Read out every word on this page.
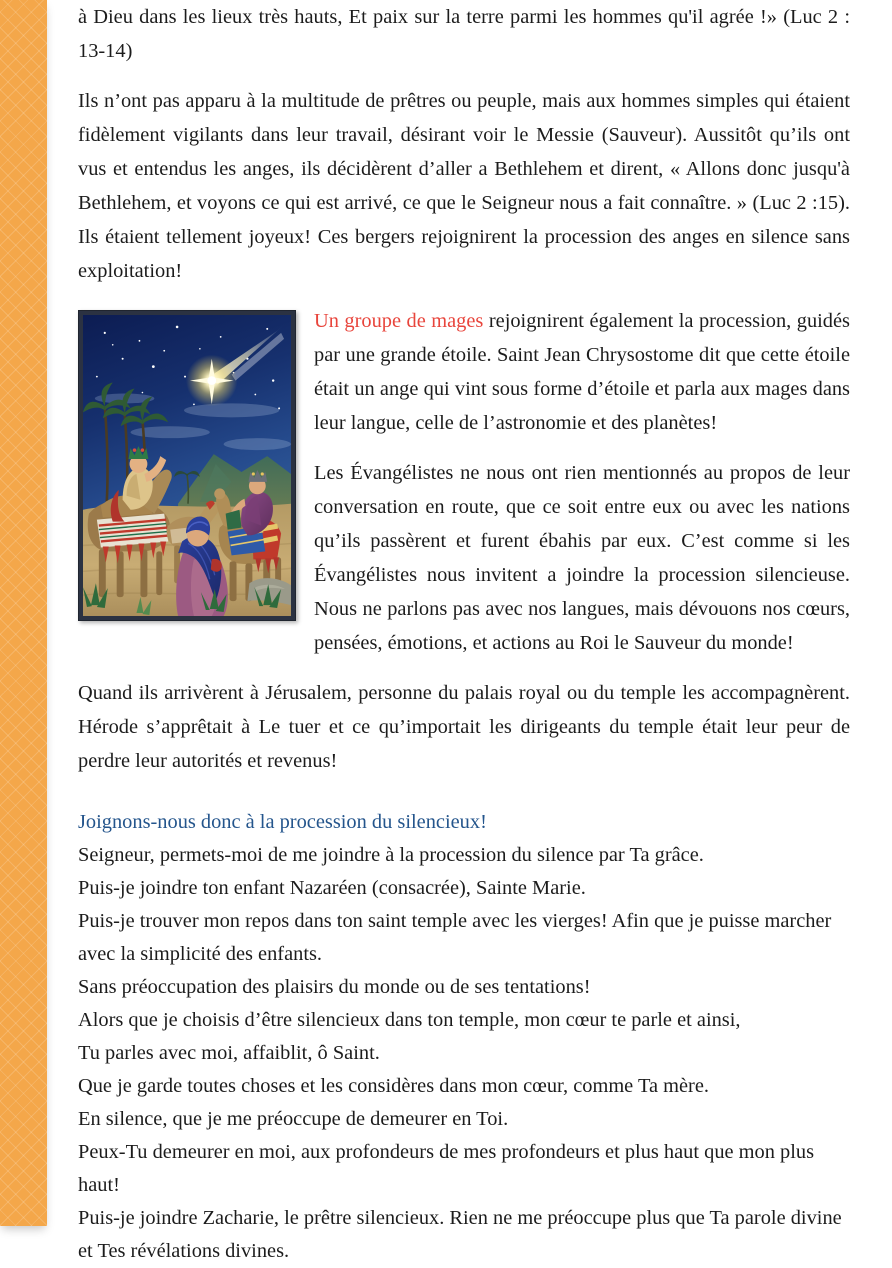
à Dieu dans les lieux très hauts, Et paix sur la terre parmi les hommes qu'il agrée !» (Luc 2 : 13-14)

Ils n’ont pas apparu à la multitude de prêtres ou peuple, mais aux hommes simples qui étaient fidèlement vigilants dans leur travail, désirant voir le Messie (Sauveur). Aussitôt qu’ils ont vus et entendus les anges, ils décidèrent d’aller a Bethlehem et dirent, « Allons donc jusqu'à Bethlehem, et voyons ce qui est arrivé, ce que le Seigneur nous a fait connaître. » (Luc 2 :15). Ils étaient tellement joyeux! Ces bergers rejoignirent la procession des anges en silence sans exploitation!

Un groupe de mages rejoignirent également la procession, guidés par une grande étoile. Saint Jean Chrysostome dit que cette étoile était un ange qui vint sous forme d’étoile et parla aux mages dans leur langue, celle de l’astronomie et des planètes!

Les Évangélistes ne nous ont rien mentionnés au propos de leur conversation en route, que ce soit entre eux ou avec les nations qu’ils passèrent et furent ébahis par eux. C’est comme si les Évangélistes nous invitent a joindre la procession silencieuse. Nous ne parlons pas avec nos langues, mais dévouons nos cœurs, pensées, émotions, et actions au Roi le Sauveur du monde!

Quand ils arrivèrent à Jérusalem, personne du palais royal ou du temple les accompagnèrent. Hérode s’apprêtait à Le tuer et ce qu’importait les dirigeants du temple était leur peur de perdre leur autorités et revenus!

Joignons-nous donc à la procession du silencieux!

Seigneur, permets-moi de me joindre à la procession du silence par Ta grâce.

Puis-je joindre ton enfant Nazaréen (consacrée), Sainte Marie.

Puis-je trouver mon repos dans ton saint temple avec les vierges! Afin que je puisse marcher avec la simplicité des enfants.

Sans préoccupation des plaisirs du monde ou de ses tentations!

Alors que je choisis d’être silencieux dans ton temple, mon cœur te parle et ainsi,

Tu parles avec moi, affaiblit, ô Saint.

Que je garde toutes choses et les considères dans mon cœur, comme Ta mère.

En silence, que je me préoccupe de demeurer en Toi.

Peux-Tu demeurer en moi, aux profondeurs de mes profondeurs et plus haut que mon plus haut!

Puis-je joindre Zacharie, le prêtre silencieux. Rien ne me préoccupe plus que Ta parole divine et Tes révélations divines.
